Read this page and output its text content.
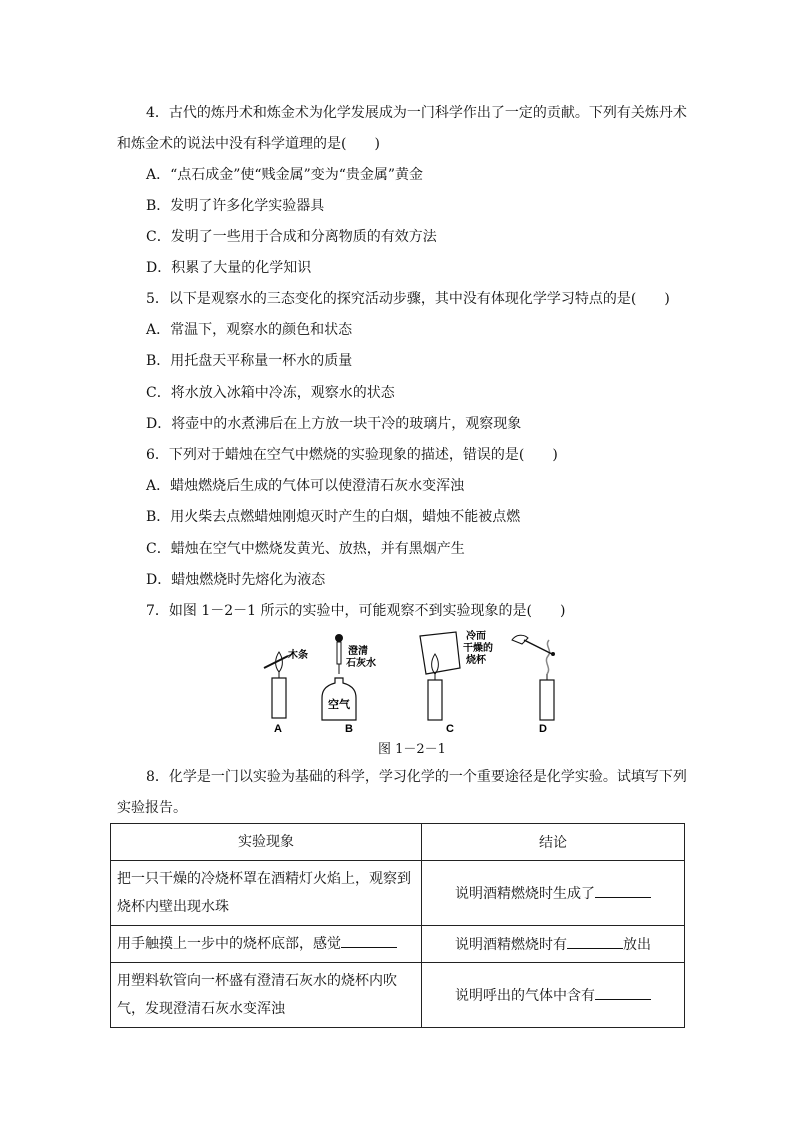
4．古代的炼丹术和炼金术为化学发展成为一门科学作出了一定的贡献。下列有关炼丹术
和炼金术的说法中没有科学道理的是(　　)
A．“点石成金”使“贱金属”变为“贵金属”黄金
B．发明了许多化学实验器具
C．发明了一些用于合成和分离物质的有效方法
D．积累了大量的化学知识
5．以下是观察水的三态变化的探究活动步骤，其中没有体现化学学习特点的是(　　)
A．常温下，观察水的颜色和状态
B．用托盘天平称量一杯水的质量
C．将水放入冰箱中冷冻，观察水的状态
D．将壶中的水煮沸后在上方放一块干冷的玻璃片，观察现象
6．下列对于蜡烛在空气中燃烧的实验现象的描述，错误的是(　　)
A．蜡烛燃烧后生成的气体可以使澄清石灰水变浑浊
B．用火柴去点燃蜡烛刚熄灭时产生的白烟，蜡烛不能被点燃
C．蜡烛在空气中燃烧发黄光、放热，并有黑烟产生
D．蜡烛燃烧时先熔化为液态
7．如图 1－2－1 所示的实验中，可能观察不到实验现象的是(　　)
木条
空气
澄清
石灰水
冷而
干燥的
烧杯
A	B	C	D
图 1－2－1
8．化学是一门以实验为基础的科学，学习化学的一个重要途径是化学实验。试填写下列
实验报告。
实验现象	结论
把一只干燥的冷烧杯罩在酒精灯火焰上，观察到烧杯内壁出现水珠	说明酒精燃烧时生成了
用手触摸上一步中的烧杯底部，感觉	说明酒精燃烧时有 放出
用塑料软管向一杯盛有澄清石灰水的烧杯内吹气，发现澄清石灰水变浑浊	说明呼出的气体中含有
